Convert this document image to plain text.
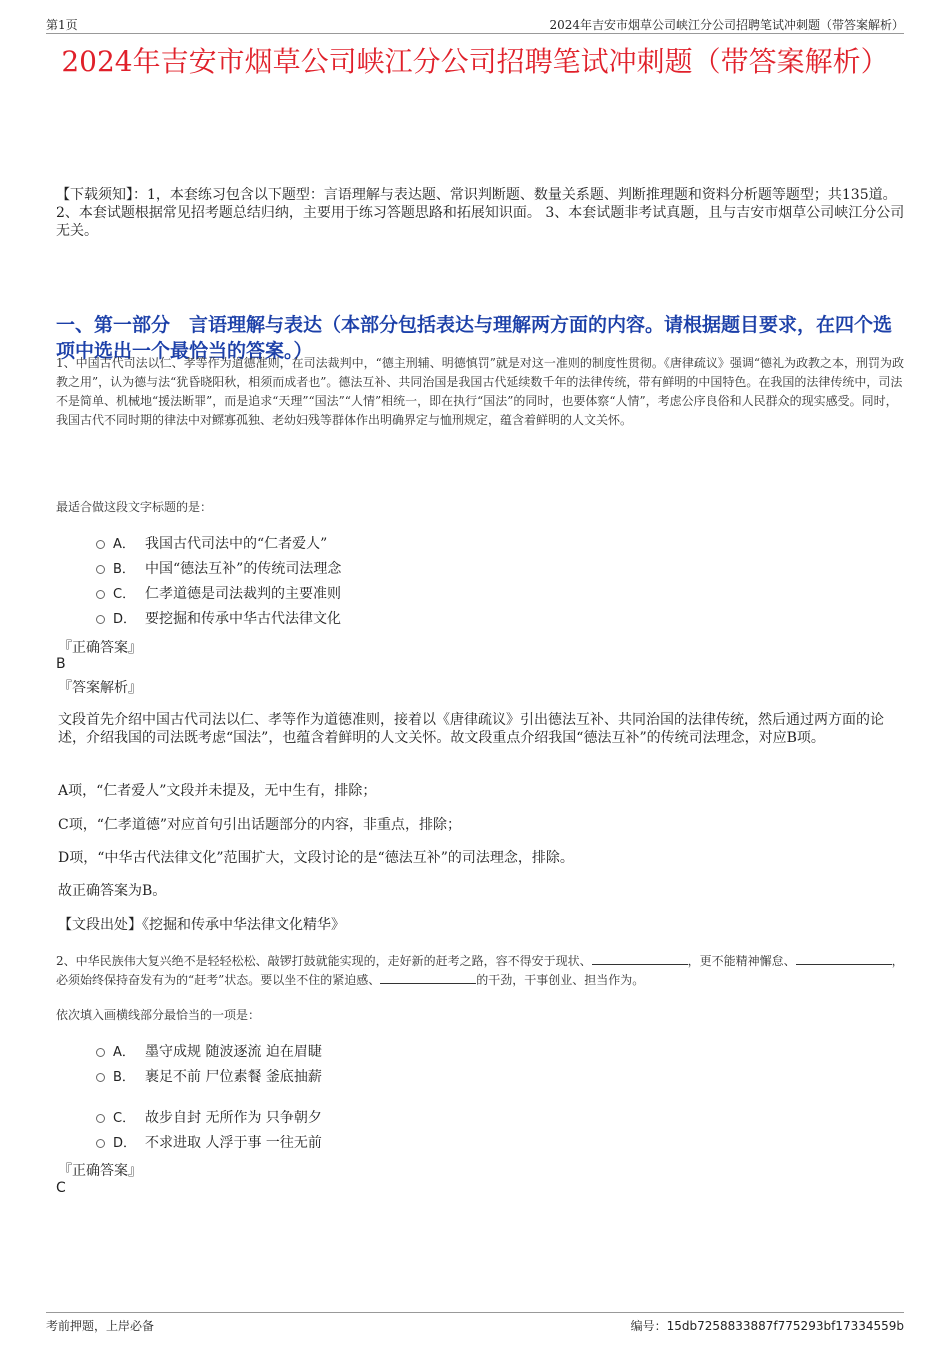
第1页	2024年吉安市烟草公司峡江分公司招聘笔试冲刺题（带答案解析）
2024年吉安市烟草公司峡江分公司招聘笔试冲刺题（带答案解析）

【下载须知】：1，本套练习包含以下题型：言语理解与表达题、常识判断题、数量关系题、判断推理题和资料分析题等题型；共135道。 2、本套试题根据常见招考题总结归纳，主要用于练习答题思路和拓展知识面。 3、本套试题非考试真题，且与吉安市烟草公司峡江分公司无关。

一、第一部分　言语理解与表达（本部分包括表达与理解两方面的内容。请根据题目要求，在四个选项中选出一个最恰当的答案。）

1、中国古代司法以仁、孝等作为道德准则，在司法裁判中，“德主刑辅、明德慎罚”就是对这一准则的制度性贯彻。《唐律疏议》强调“德礼为政教之本，刑罚为政教之用”，认为德与法“犹昏晓阳秋，相须而成者也”。德法互补、共同治国是我国古代延续数千年的法律传统，带有鲜明的中国特色。在我国的法律传统中，司法不是简单、机械地“援法断罪”，而是追求“天理”“国法”“人情”相统一，即在执行“国法”的同时，也要体察“人情”，考虑公序良俗和人民群众的现实感受。同时，我国古代不同时期的律法中对鳏寡孤独、老幼妇残等群体作出明确界定与恤刑规定，蕴含着鲜明的人文关怀。

最适合做这段文字标题的是：

A． 我国古代司法中的“仁者爱人”
B． 中国“德法互补”的传统司法理念
C． 仁孝道德是司法裁判的主要准则
D． 要挖掘和传承中华古代法律文化
『正确答案』
B
『答案解析』

文段首先介绍中国古代司法以仁、孝等作为道德准则，接着以《唐律疏议》引出德法互补、共同治国的法律传统，然后通过两方面的论述，介绍我国的司法既考虑“国法”，也蕴含着鲜明的人文关怀。故文段重点介绍我国“德法互补”的传统司法理念，对应B项。

A项，“仁者爱人”文段并未提及，无中生有，排除；

C项，“仁孝道德”对应首句引出话题部分的内容，非重点，排除；

D项，“中华古代法律文化”范围扩大，文段讨论的是“德法互补”的司法理念，排除。

故正确答案为B。

【文段出处】《挖掘和传承中华法律文化精华》

2、中华民族伟大复兴绝不是轻轻松松、敲锣打鼓就能实现的，走好新的赶考之路，容不得安于现状、	，更不能精神懈怠、	，必须始终保持奋发有为的“赶考”状态。要以坐不住的紧迫感、	的干劲，干事创业、担当作为。

依次填入画横线部分最恰当的一项是：

A． 墨守成规 随波逐流 迫在眉睫
B． 裹足不前 尸位素餐 釜底抽薪
C． 故步自封 无所作为 只争朝夕
D． 不求进取 人浮于事 一往无前
『正确答案』
C
考前押题，上岸必备	编号：15db7258833887f775293bf17334559b
